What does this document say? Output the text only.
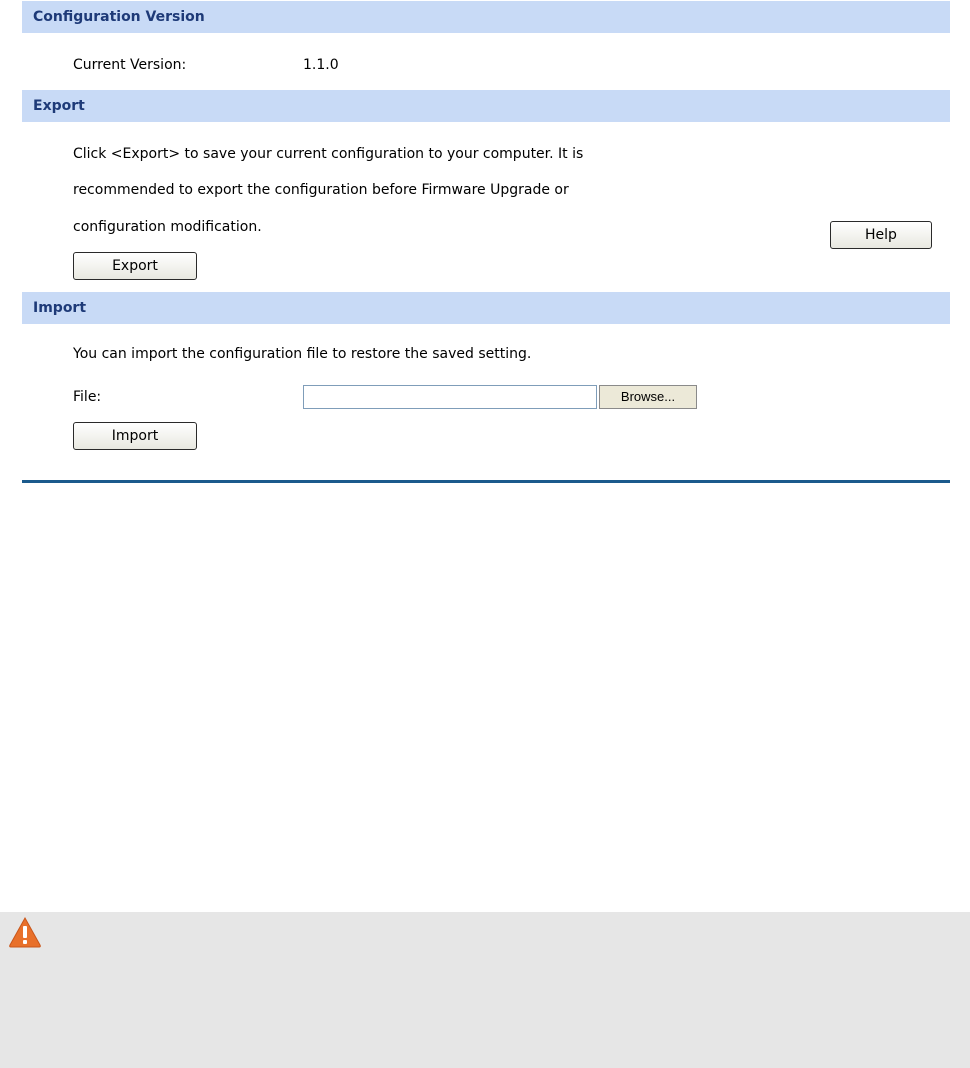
Configuration Version
Current Version:	1.1.0
Export
Click <Export> to save your current configuration to your computer. It is
recommended to export the configuration before Firmware Upgrade or
configuration modification.	Help
Export
Import
You can import the configuration file to restore the saved setting.
File:	Browse...
Import
